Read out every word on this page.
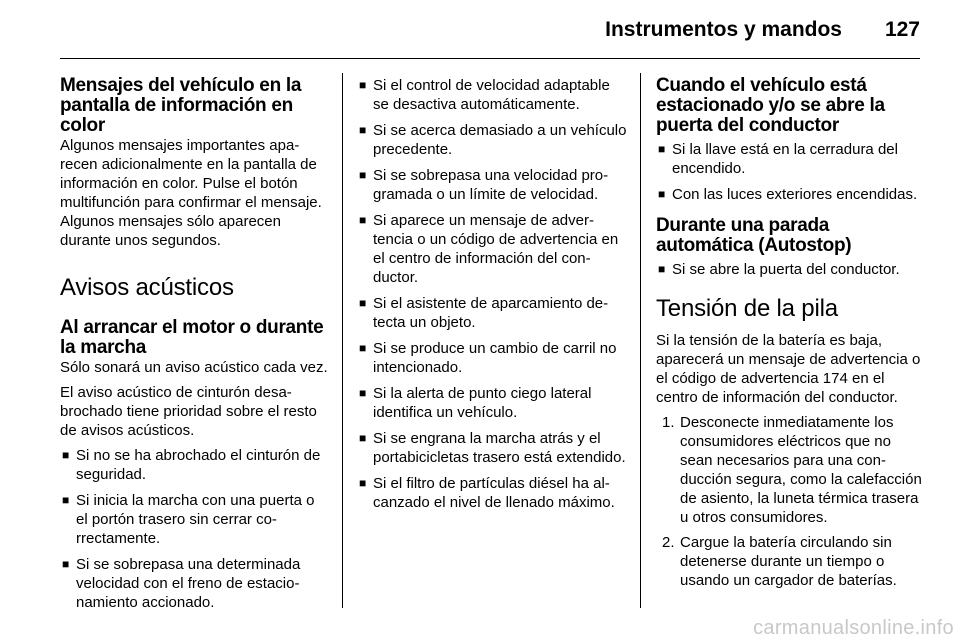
Instrumentos y mandos 127
Mensajes del vehículo en la pantalla de información en color

Algunos mensajes importantes aparecen adicionalmente en la pantalla de información en color. Pulse el botón multifunción para confirmar el mensaje. Algunos mensajes sólo aparecen durante unos segundos.

Avisos acústicos
Al arrancar el motor o durante la marcha

Sólo sonará un aviso acústico cada vez.

El aviso acústico de cinturón desabrochado tiene prioridad sobre el resto de avisos acústicos.

■ Si no se ha abrochado el cinturón de seguridad.
■ Si inicia la marcha con una puerta o el portón trasero sin cerrar correctamente.
■ Si se sobrepasa una determinada velocidad con el freno de estacionamiento accionado.
■ Si el control de velocidad adaptable se desactiva automáticamente.
■ Si se acerca demasiado a un vehículo precedente.
■ Si se sobrepasa una velocidad programada o un límite de velocidad.
■ Si aparece un mensaje de advertencia o un código de advertencia en el centro de información del conductor.
■ Si el asistente de aparcamiento detecta un objeto.
■ Si se produce un cambio de carril no intencionado.
■ Si la alerta de punto ciego lateral identifica un vehículo.
■ Si se engrana la marcha atrás y el portabicicletas trasero está extendido.
■ Si el filtro de partículas diésel ha alcanzado el nivel de llenado máximo.
Cuando el vehículo está estacionado y/o se abre la puerta del conductor
■ Si la llave está en la cerradura del encendido.
■ Con las luces exteriores encendidas.
Durante una parada automática (Autostop)
■ Si se abre la puerta del conductor.
Tensión de la pila

Si la tensión de la batería es baja, aparecerá un mensaje de advertencia o el código de advertencia 174 en el centro de información del conductor.

1. Desconecte inmediatamente los consumidores eléctricos que no sean necesarios para una conducción segura, como la calefacción de asiento, la luneta térmica trasera u otros consumidores.
2. Cargue la batería circulando sin detenerse durante un tiempo o usando un cargador de baterías.
carmanualsonline.info
